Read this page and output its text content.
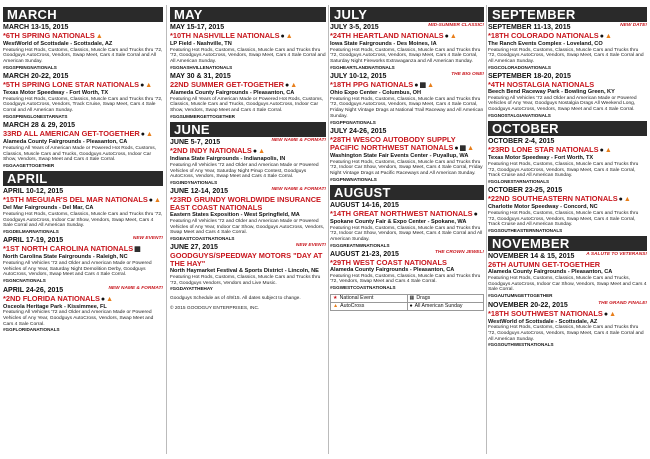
MARCH
MARCH 13-15, 2015
*6TH SPRING NATIONALS▲
WestWorld of Scottsdale - Scottsdale, AZ
Featuring Hot Rods, Customs, Classics, Muscle Cars and Trucks thru '72, Goodguys AutoCross, Vendors, Swap Meet, Cars 4 Sale Corral and All American Sunday.
#GGSPRINGNATIONALS
MARCH 20-22, 2015
*5TH SPRING LONE STAR NATIONALS●▲
Texas Motor Speedway - Fort Worth, TX
Featuring Hot Rods, Customs, Classics, Muscle Cars and Trucks thru '72, Goodguys AutoCross, Vendors, Track Cruise, Swap Meet, Cars 4 Sale Corral and All American Sunday.
#GGSPRINGLONESTARNATS
MARCH 28 & 29, 2015
33RD ALL AMERICAN GET-TOGETHER●▲
Alameda County Fairgrounds - Pleasanton, CA
Featuring All Years of American Made or Powered Hot Rods, Customs, Classics, Muscle Cars and Trucks, Goodguys AutoCross, Indoor Car Show, Vendors, Swap Meet and Cars 4 Sale Corral.
#GGAAGETTOGETHER
APRIL
APRIL 10-12, 2015
*15TH MEGUIAR'S DEL MAR NATIONALS●▲
Del Mar Fairgrounds - Del Mar, CA
Featuring Hot Rods, Customs, Classics, Muscle Cars and Trucks thru '72, Goodguys AutoCross, Indoor Car Show, Vendors, Swap Meet, Cars 4 Sale Corral and All American Sunday.
#GGDELMARNATIONALS
APRIL 17-19, 2015	NEW EVENT!
*1ST NORTH CAROLINA NATIONALS▦
North Carolina State Fairgrounds - Raleigh, NC
Featuring All Vehicles '72 and Older and American Made or Powered Vehicles of Any Year, Saturday Night Demolition Derby, Goodguys AutoCross, Vendors, Swap Meet and Cars 4 Sale Corral.
#GGNCNATIONALS
APRIL 24-26, 2015	NEW NAME & FORMAT!
*2ND FLORIDA NATIONALS●▲
Osceola Heritage Park - Kissimmee, FL
Featuring All Vehicles '72 and Older and American Made or Powered Vehicles of Any Year, Goodguys AutoCross, Vendors, Swap Meet and Cars 4 Sale Corral.
#GGFLORIDANATIONALS
MAY
MAY 15-17, 2015
*10TH NASHVILLE NATIONALS●▲
LP Field - Nashville, TN
Featuring Hot Rods, Customs, Classics, Muscle Cars and Trucks thru '72, Goodguys AutoCross, Vendors, Swap Meet, Cars 4 Sale Corral and All American Sunday.
#GGNASHVILLENATIONALS
MAY 30 & 31, 2015
22ND SUMMER GET-TOGETHER●▲
Alameda County Fairgrounds - Pleasanton, CA
Featuring All Years of American Made or Powered Hot Rods, Customs, Classics, Muscle Cars and Trucks, Goodguys AutoCross, Indoor Car Show, Vendors, Swap Meet and Cars 4 Sale Corral.
#GGSUMMERGETTOGETHER
JUNE
JUNE 5-7, 2015	NEW NAME & FORMAT!
*2ND INDY NATIONALS●▲
Indiana State Fairgrounds - Indianapolis, IN
Featuring All Vehicles '72 and Older and American Made or Powered Vehicles of Any Year, Saturday Night Pinup Contest, Goodguys AutoCross, Vendors, Swap Meet and Cars 4 Sale Corral.
#GGINDYNATIONALS
JUNE 12-14, 2015	NEW NAME & FORMAT!
*23RD GRUNDY WORLDWIDE INSURANCE EAST COAST NATIONALS
Eastern States Exposition - West Springfield, MA
Featuring All Vehicles '72 and Older and American Made or Powered Vehicles of Any Year, Indoor Car Show, Goodguys AutoCross, Vendors, Swap Meet and Cars 4 Sale Corral.
#GGEASTCOASTNATIONALS
JUNE 27, 2015	NEW EVENT!
GOODGUYS/SPEEDWAY MOTORS "DAY AT THE HAY"
North Haymarket Festival & Sports District - Lincoln, NE
Featuring Hot Rods, Customs, Classics, Muscle Cars and Trucks thru '72, Goodguys Vendors, Vendors and Live Music.
#GGDAYATTHEHAY
Goodguys Schedule as of 4/9/15. All dates subject to change.
© 2015 GOODGUY ENTERPRISES, INC.
JULY
JULY 3-5, 2015	MID-SUMMER CLASSIC!
*24TH HEARTLAND NATIONALS●▲
Iowa State Fairgrounds - Des Moines, IA
Featuring Hot Rods, Customs, Classics, Muscle Cars and Trucks thru '72, Goodguys AutoCross, Vendors, Swap Meet, Cars 4 Sale Corral, Saturday Night Fireworks Extravaganza and All American Sunday.
#GGHEARTLANDNATIONALS
JULY 10-12, 2015	THE BIG ONE!
*18TH PPG NATIONALS●▦▲
Ohio Expo Center - Columbus, OH
Featuring Hot Rods, Customs, Classics, Muscle Cars and Trucks thru '72, Goodguys AutoCross, Vendors, Swap Meet, Cars 4 Sale Corral, Friday Night Vintage Drags at National Trail Raceway and All American Sunday.
#GGPPGNATIONALS
JULY 24-26, 2015
*28TH WESCO AUTOBODY SUPPLY PACIFIC NORTHWEST NATIONALS●▦▲
Washington State Fair Events Center - Puyallup, WA
Featuring Hot Rods, Customs, Classics, Muscle Cars and Trucks thru '72, Indoor Car Show, Vendors, Swap Meet, Cars 4 Sale Corral, Friday Night Vintage Drags at Pacific Raceways and All American Sunday.
#GGPNWNATIONALS
AUGUST
AUGUST 14-16, 2015
*14TH GREAT NORTHWEST NATIONALS●
Spokane County Fair & Expo Center - Spokane, WA
Featuring Hot Rods, Customs, Classics, Muscle Cars and Trucks thru '72, Indoor Car Show, Vendors, Swap Meet, Cars 4 Sale Corral and All American Sunday.
#GGGREATNWNATIONALS
AUGUST 21-23, 2015	THE CROWN JEWEL!
*29TH WEST COAST NATIONALS
Alameda County Fairgrounds - Pleasanton, CA
Featuring Hot Rods, Customs, Classics, Muscle Cars and Trucks thru '72, Vendors, Swap Meet and Cars 4 Sale Corral.
#GGWESTCOASTNATIONALS
★ National Event	▦ Drags
▲ AutoCross	● All American Sunday
SEPTEMBER
SEPTEMBER 11-13, 2015	NEW DATE!
*18TH COLORADO NATIONALS●▲
The Ranch Events Complex - Loveland, CO
Featuring Hot Rods, Customs, Classics, Muscle Cars and Trucks thru '72, Goodguys AutoCross, Vendors, Swap Meet, Cars 4 Sale Corral and All American Sunday.
#GGCOLORADONATIONALS
SEPTEMBER 18-20, 2015
*4TH NOSTALGIA NATIONALS
Beech Bend Raceway Park - Bowling Green, KY
Featuring All Vehicles '72 and Older and American Made or Powered Vehicles of Any Year, Goodguys Nostalgia Drags All Weekend Long, Goodguys AutoCross, Vendors, Swap Meet and Cars 4 Sale Corral.
#GGNOSTALGIANATIONALS
OCTOBER
OCTOBER 2-4, 2015
*23RD LONE STAR NATIONALS●▲
Texas Motor Speedway - Fort Worth, TX
Featuring Hot Rods, Customs, Classics, Muscle Cars and Trucks thru '72, Goodguys AutoCross, Vendors, Swap Meet, Cars 4 Sale Corral, Track Cruise and All American Sunday.
#GGLONESTARNATIONALS
OCTOBER 23-25, 2015
*22ND SOUTHEASTERN NATIONALS●▲
Charlotte Motor Speedway - Concord, NC
Featuring Hot Rods, Customs, Classics, Muscle Cars and Trucks thru '72, Goodguys AutoCross, Vendors, Swap Meet, Cars 4 Sale Corral, Track Cruise and All American Sunday.
#GGSOUTHEASTERNNATIONALS
NOVEMBER
NOVEMBER 14 & 15, 2015	A SALUTE TO VETERANS!
26TH AUTUMN GET-TOGETHER
Alameda County Fairgrounds - Pleasanton, CA
Featuring Hot Rods, Customs, Classics, Muscle Cars and Trucks, Goodguys AutoCross, Indoor Car Show, Vendors, Swap Meet and Cars 4 Sale Corral.
#GGAUTUMNGETTOGETHER
NOVEMBER 20-22, 2015	THE GRAND FINALE!
*18TH SOUTHWEST NATIONALS●▲
WestWorld of Scottsdale - Scottsdale, AZ
Featuring Hot Rods, Customs, Classics, Muscle Cars and Trucks thru '72, Goodguys AutoCross, Vendors, Swap Meet, Cars 4 Sale Corral and All American Sunday.
#GGSOUTHWESTNATIONALS
